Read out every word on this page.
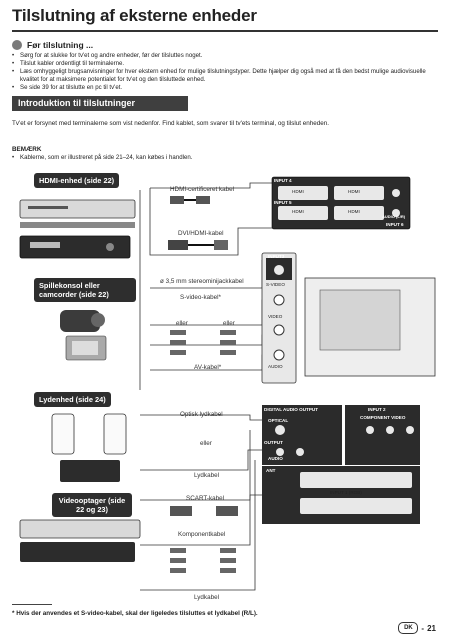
Tilslutning af eksterne enheder
Før tilslutning ...
• Sørg for at slukke for tv'et og andre enheder, før der tilsluttes noget.
• Tilslut kabler ordentligt til terminalerne.
• Læs omhyggeligt brugsanvisninger for hver ekstern enhed for mulige tilslutningstyper. Dette hjælper dig også med at få den bedst mulige audiovisuelle kvalitet for at maksimere potentialet for tv'et og den tilsluttede enhed.
• Se side 39 for at tilslutte en pc til tv'et.
Introduktion til tilslutninger

Tv'et er forsynet med terminalerne som vist nedenfor. Find kablet, som svarer til tv'ets terminal, og tilslut enheden.

BEMÆRK

• Kablerne, som er illustreret på side 21–24, kan købes i handlen.
HDMI-enhed (side 22)
Spillekonsol eller camcorder (side 22)
Lydenhed (side 24)
Videooptager (side 22 og 23)
HDMI-certificeret kabel
DVI/HDMI-kabel
ø 3,5 mm stereominijackkabel
S-video-kabel*
eller	eller
AV-kabel*
Optisk lydkabel
eller
Lydkabel
SCART-kabel
Komponentkabel
Lydkabel
INPUT 4
INPUT 5
HDMI
HDMI
HDMI
HDMI
AUDIO (L/R)
INPUT 6
INPUT3
S-VIDEO
VIDEO
AUDIO
DIGITAL AUDIO OUTPUT	INPUT 2
COMPONENT VIDEO
OPTICAL
OUTPUT
AUDIO
ANT
INPUT 1 (RGB)
* Hvis der anvendes et S-video-kabel, skal der ligeledes tilsluttes et lydkabel (R/L).
DK	- 21
